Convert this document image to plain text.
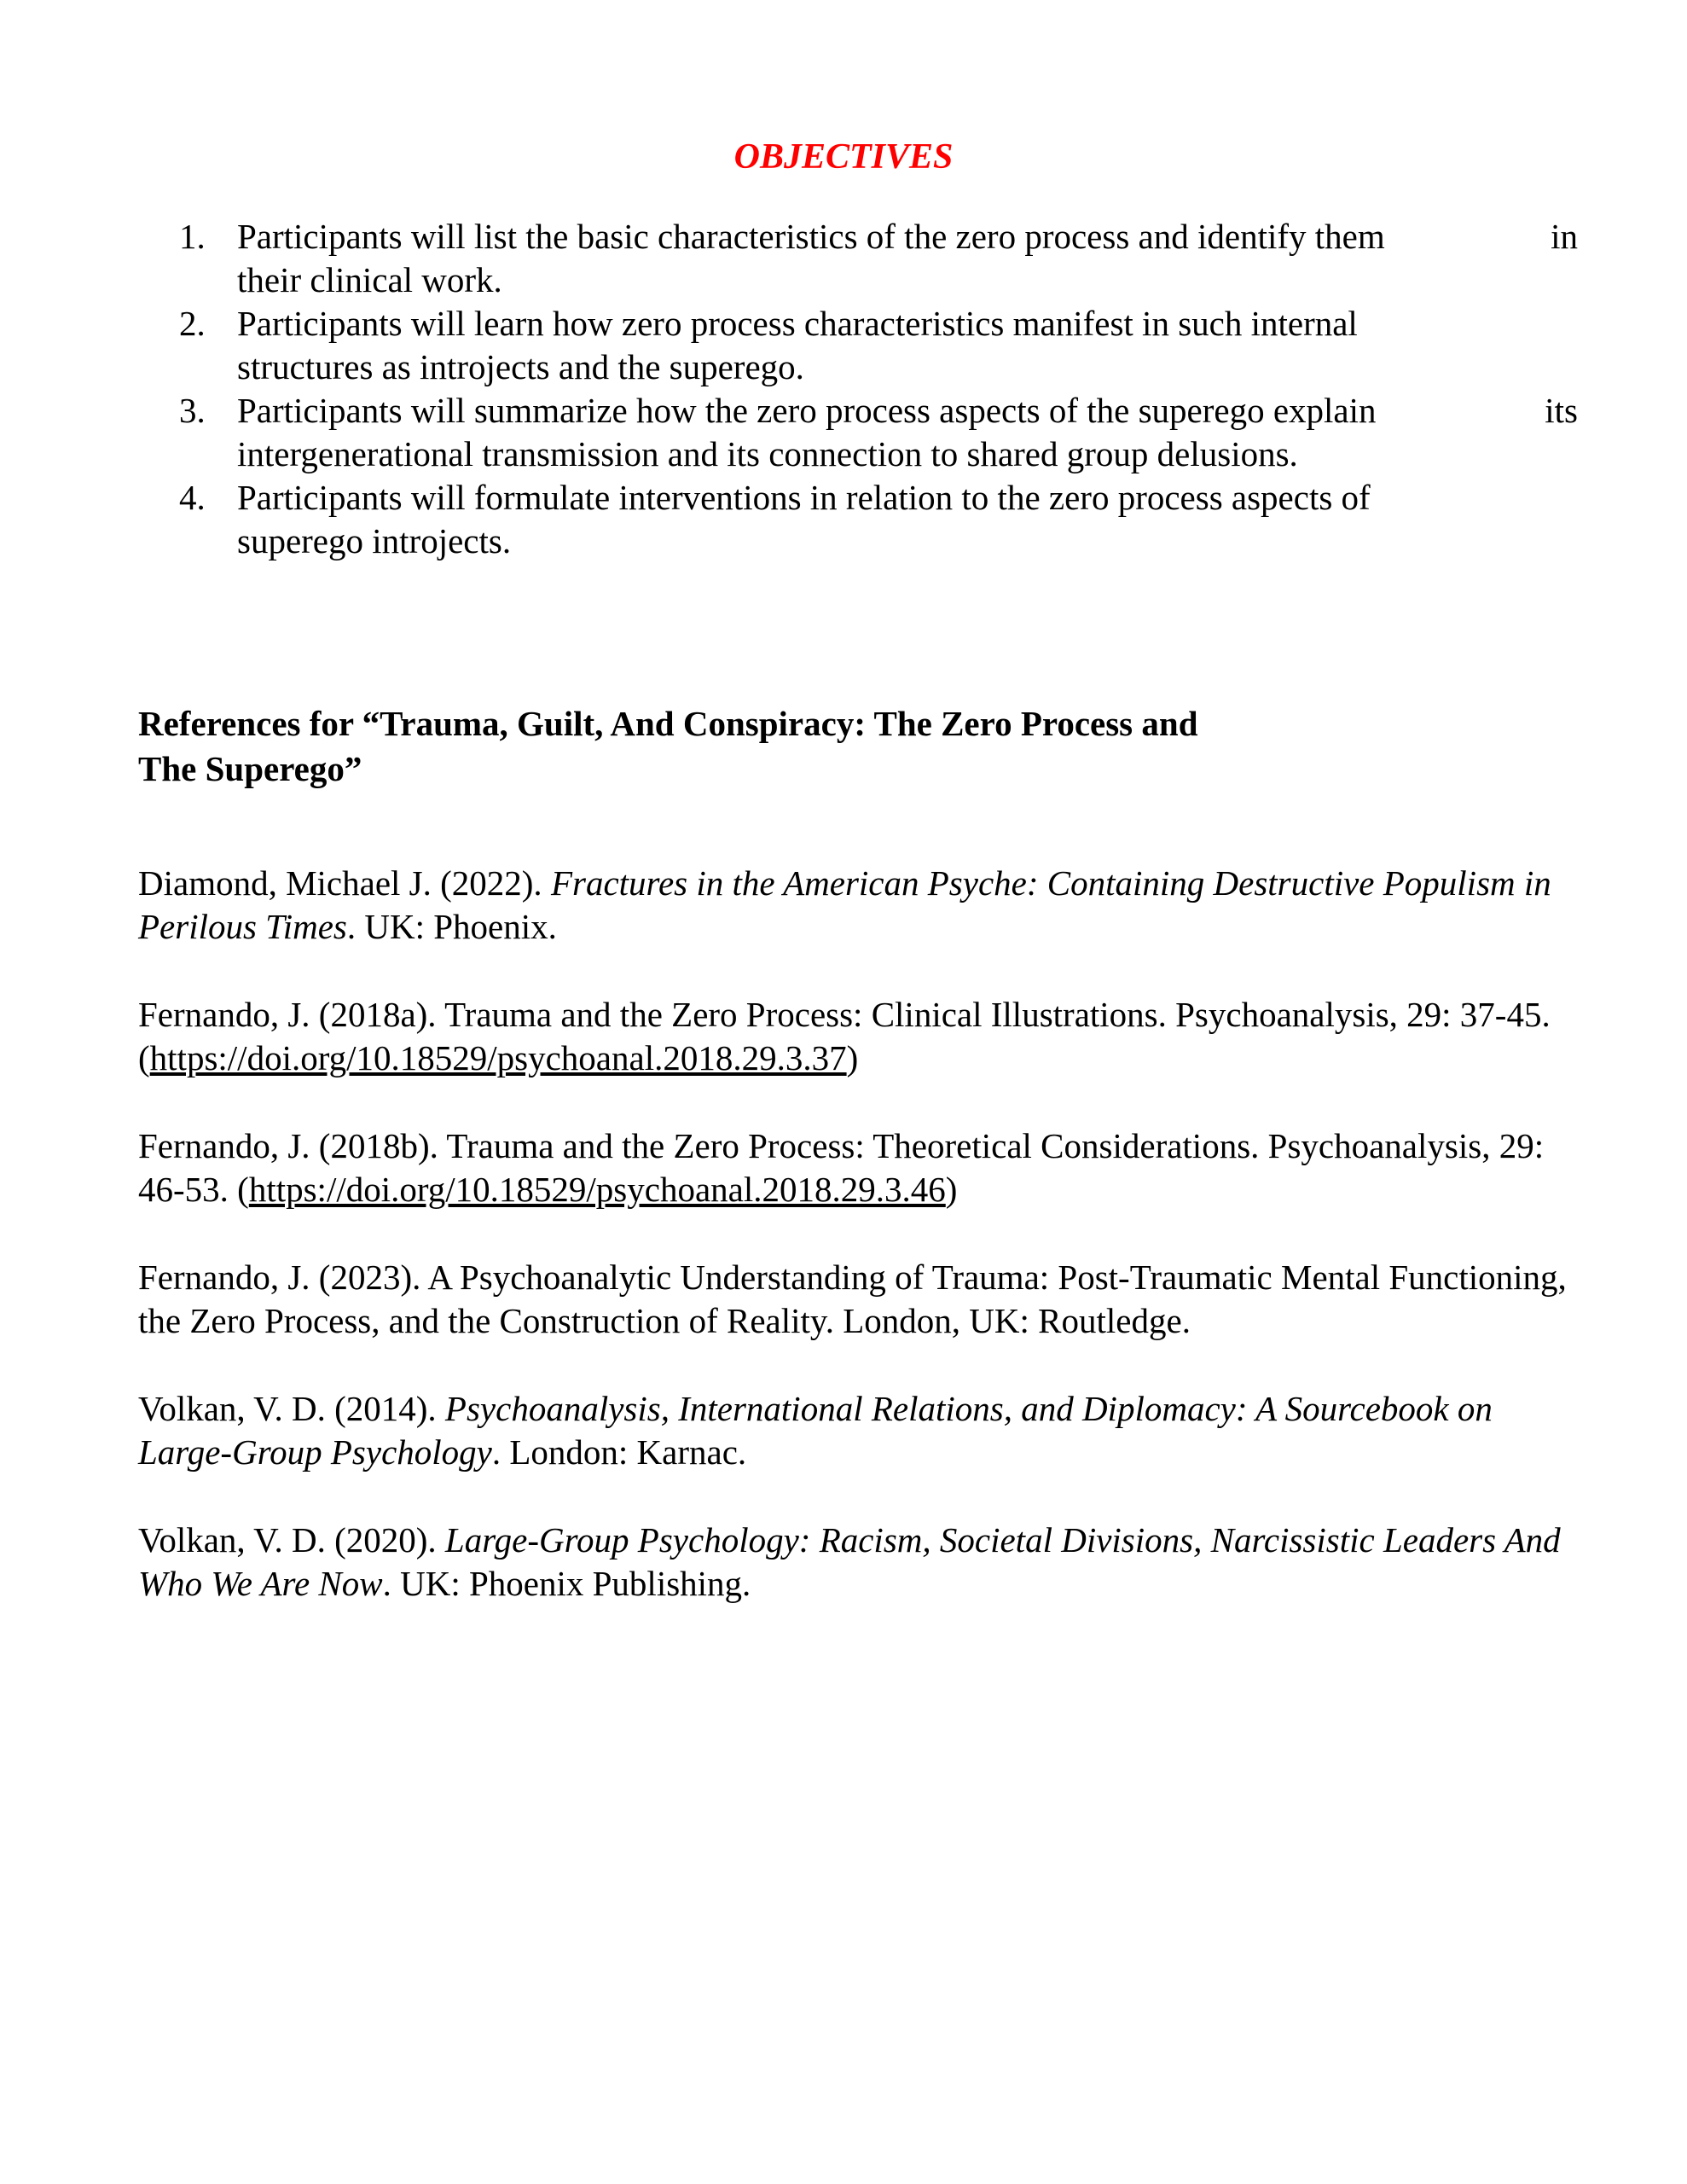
OBJECTIVES
1. Participants will list the basic characteristics of the zero process and identify them	in
their clinical work.
2. Participants will learn how zero process characteristics manifest in such internal
structures as introjects and the superego.
3. Participants will summarize how the zero process aspects of the superego explain	its
intergenerational transmission and its connection to shared group delusions.
4. Participants will formulate interventions in relation to the zero process aspects of
superego introjects.
References for “Trauma, Guilt, And Conspiracy: The Zero Process and
The Superego”

Diamond, Michael J. (2022). Fractures in the American Psyche: Containing Destructive Populism in Perilous Times. UK: Phoenix.

Fernando, J. (2018a). Trauma and the Zero Process: Clinical Illustrations. Psychoanalysis, 29: 37-45. (https://doi.org/10.18529/psychoanal.2018.29.3.37)

Fernando, J. (2018b). Trauma and the Zero Process: Theoretical Considerations. Psychoanalysis, 29: 46-53. (https://doi.org/10.18529/psychoanal.2018.29.3.46)

Fernando, J. (2023). A Psychoanalytic Understanding of Trauma: Post-Traumatic Mental Functioning, the Zero Process, and the Construction of Reality. London, UK: Routledge.

Volkan, V. D. (2014). Psychoanalysis, International Relations, and Diplomacy: A Sourcebook on Large-Group Psychology. London: Karnac.

Volkan, V. D. (2020). Large-Group Psychology: Racism, Societal Divisions, Narcissistic Leaders And Who We Are Now. UK: Phoenix Publishing.
